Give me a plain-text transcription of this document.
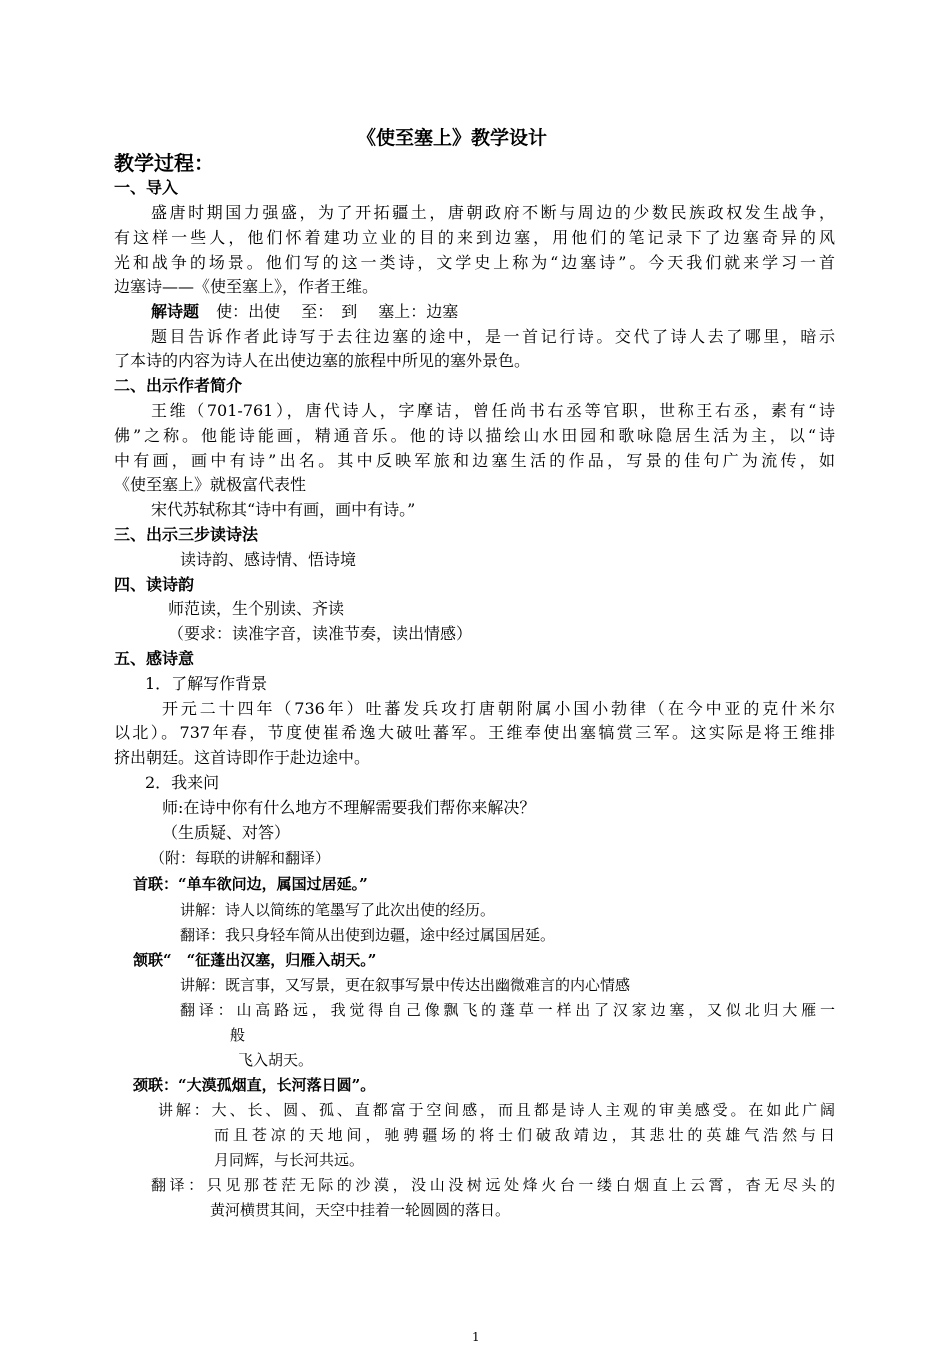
《使至塞上》教学设计
教学过程：
一、导入
盛唐时期国力强盛，为了开拓疆土，唐朝政府不断与周边的少数民族政权发生战争，
有这样一些人，他们怀着建功立业的目的来到边塞，用他们的笔记录下了边塞奇异的风
光和战争的场景。他们写的这一类诗，文学史上称为“边塞诗”。今天我们就来学习一首
边塞诗——《使至塞上》，作者王维。
解诗题 使：出使　 至：　到　 塞上：边塞
题目告诉作者此诗写于去往边塞的途中，是一首记行诗。交代了诗人去了哪里，暗示
了本诗的内容为诗人在出使边塞的旅程中所见的塞外景色。
二、出示作者简介
王维（701-761），唐代诗人，字摩诘，曾任尚书右丞等官职，世称王右丞，素有“诗
佛”之称。他能诗能画，精通音乐。他的诗以描绘山水田园和歌咏隐居生活为主，以“诗
中有画，画中有诗”出名。其中反映军旅和边塞生活的作品，写景的佳句广为流传，如
《使至塞上》就极富代表性
宋代苏轼称其“诗中有画，画中有诗。”
三、出示三步读诗法
读诗韵、感诗情、悟诗境
四、读诗韵
师范读，生个别读、齐读
（要求：读准字音，读准节奏，读出情感）
五、感诗意
1．了解写作背景
开元二十四年（736年）吐蕃发兵攻打唐朝附属小国小勃律（在今中亚的克什米尔
以北）。737年春，节度使崔希逸大破吐蕃军。王维奉使出塞犒赏三军。这实际是将王维排
挤出朝廷。这首诗即作于赴边途中。
2．我来问
师:在诗中你有什么地方不理解需要我们帮你来解决？
（生质疑、对答）
（附：每联的讲解和翻译）
首联：“单车欲问边，属国过居延。”
讲解：诗人以简练的笔墨写了此次出使的经历。
翻译：我只身轻车简从出使到边疆，途中经过属国居延。
颔联“　“征蓬出汉塞，归雁入胡天。”
讲解：既言事，又写景，更在叙事写景中传达出幽微难言的内心情感
翻译：山高路远，我觉得自己像飘飞的蓬草一样出了汉家边塞，又似北归大雁一
般
飞入胡天。
颈联：“大漠孤烟直，长河落日圆”。
讲解：大、长、圆、孤、直都富于空间感，而且都是诗人主观的审美感受。在如此广阔
而且苍凉的天地间，驰骋疆场的将士们破敌靖边，其悲壮的英雄气浩然与日
月同辉，与长河共远。
翻译：只见那苍茫无际的沙漠，没山没树远处烽火台一缕白烟直上云霄，杳无尽头的
黄河横贯其间，天空中挂着一轮圆圆的落日。
1
